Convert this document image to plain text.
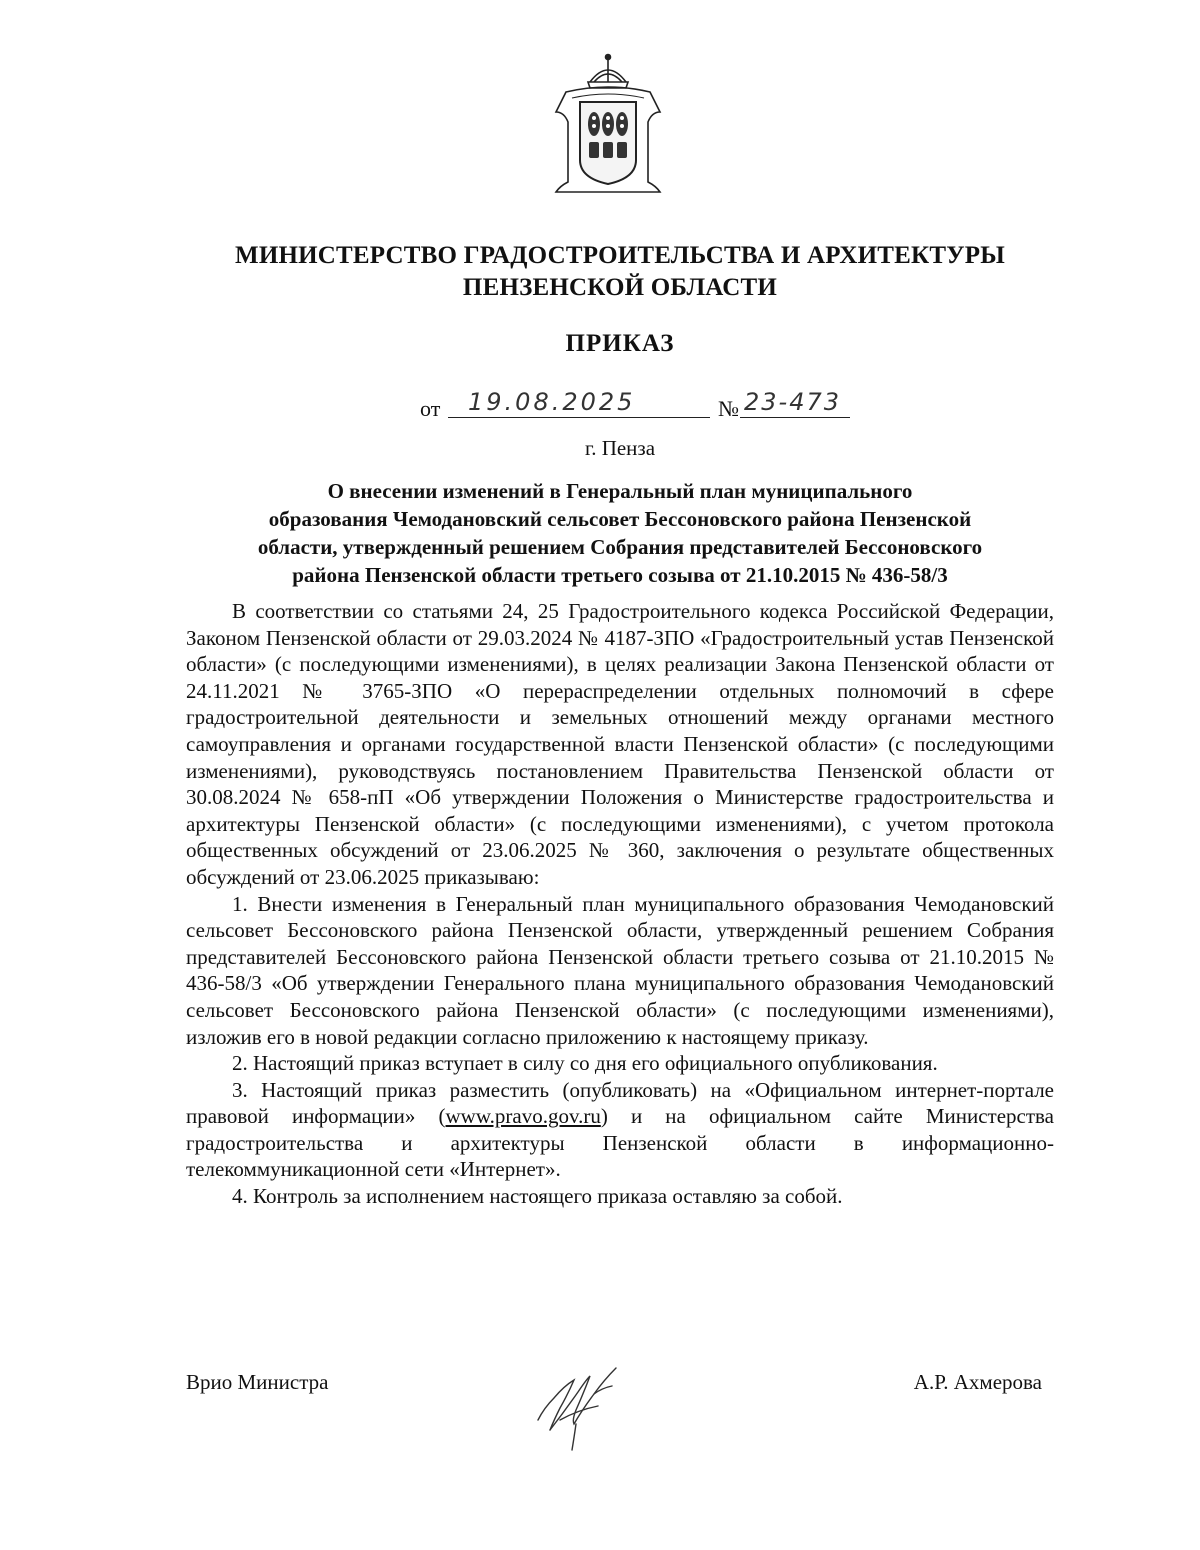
МИНИСТЕРСТВО ГРАДОСТРОИТЕЛЬСТВА И АРХИТЕКТУРЫ
ПЕНЗЕНСКОЙ ОБЛАСТИ
ПРИКАЗ
от	19.08.2025	№ 23-473
г. Пенза
О внесении изменений в Генеральный план муниципального
образования Чемодановский сельсовет Бессоновского района Пензенской
области, утвержденный решением Собрания представителей Бессоновского
района Пензенской области третьего созыва от 21.10.2015 № 436-58/3

В соответствии со статьями 24, 25 Градостроительного кодекса Российской Федерации, Законом Пензенской области от 29.03.2024 № 4187-ЗПО «Градостроительный устав Пензенской области» (с последующими изменениями), в целях реализации Закона Пензенской области от 24.11.2021 № 3765-ЗПО «О перераспределении отдельных полномочий в сфере градостроительной деятельности и земельных отношений между органами местного самоуправления и органами государственной власти Пензенской области» (с последующими изменениями), руководствуясь постановлением Правительства Пензенской области от 30.08.2024 № 658-пП «Об утверждении Положения о Министерстве градостроительства и архитектуры Пензенской области» (с последующими изменениями), с учетом протокола общественных обсуждений от 23.06.2025 № 360, заключения о результате общественных обсуждений от 23.06.2025 приказываю:

1. Внести изменения в Генеральный план муниципального образования Чемодановский сельсовет Бессоновского района Пензенской области, утвержденный решением Собрания представителей Бессоновского района Пензенской области третьего созыва от 21.10.2015 № 436-58/3 «Об утверждении Генерального плана муниципального образования Чемодановский сельсовет Бессоновского района Пензенской области» (с последующими изменениями), изложив его в новой редакции согласно приложению к настоящему приказу.

2. Настоящий приказ вступает в силу со дня его официального опубликования.

3. Настоящий приказ разместить (опубликовать) на «Официальном интернет-портале правовой информации» (www.pravo.gov.ru) и на официальном сайте Министерства градостроительства и архитектуры Пензенской области в информационно-телекоммуникационной сети «Интернет».

4. Контроль за исполнением настоящего приказа оставляю за собой.

Врио Министра	А.Р. Ахмерова
